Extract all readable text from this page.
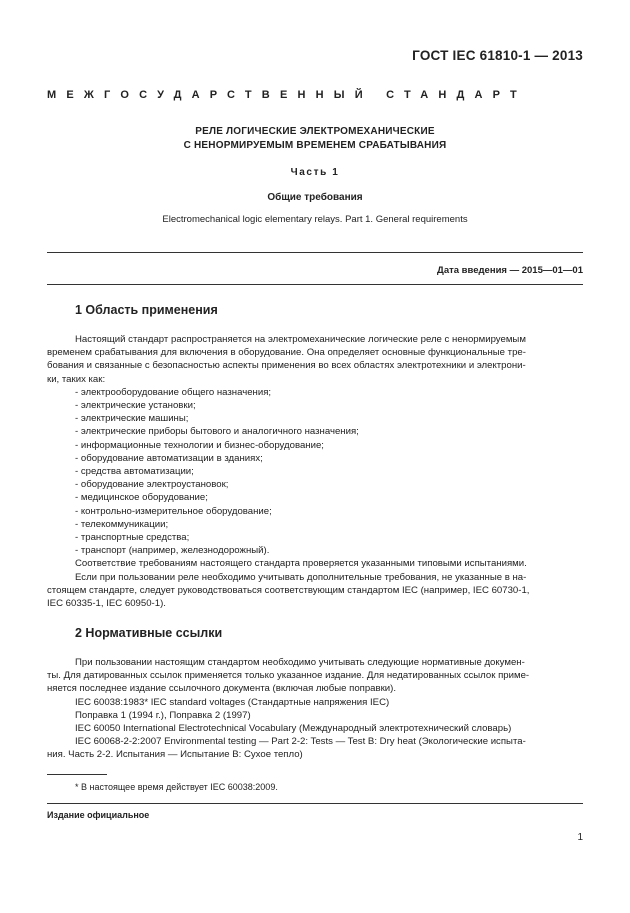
ГОСТ IEC 61810-1 — 2013
МЕЖГОСУДАРСТВЕННЫЙ СТАНДАРТ
РЕЛЕ ЛОГИЧЕСКИЕ ЭЛЕКТРОМЕХАНИЧЕСКИЕ
С НЕНОРМИРУЕМЫМ ВРЕМЕНЕМ СРАБАТЫВАНИЯ
Часть 1
Общие требования
Electromechanical logic elementary relays. Part 1. General requirements
Дата введения — 2015—01—01
1 Область применения
Настоящий стандарт распространяется на электромеханические логические реле с ненормируемым
временем срабатывания для включения в оборудование. Она определяет основные функциональные тре-
бования и связанные с безопасностью аспекты применения во всех областях электротехники и электрони-
ки, таких как:
- электрооборудование общего назначения;
- электрические установки;
- электрические машины;
- электрические приборы бытового и аналогичного назначения;
- информационные технологии и бизнес-оборудование;
- оборудование автоматизации в зданиях;
- средства автоматизации;
- оборудование электроустановок;
- медицинское оборудование;
- контрольно-измерительное оборудование;
- телекоммуникации;
- транспортные средства;
- транспорт (например, железнодорожный).
Соответствие требованиям настоящего стандарта проверяется указанными типовыми испытаниями.
Если при пользовании реле необходимо учитывать дополнительные требования, не указанные в на-
стоящем стандарте, следует руководствоваться соответствующим стандартом IEC (например, IEC 60730-1,
IEC 60335-1, IEC 60950-1).
2 Нормативные ссылки
При пользовании настоящим стандартом необходимо учитывать следующие нормативные докумен-
ты. Для датированных ссылок применяется только указанное издание. Для недатированных ссылок приме-
няется последнее издание ссылочного документа (включая любые поправки).
IEC 60038:1983* IEC standard voltages (Стандартные напряжения IEC)
Поправка 1 (1994 г.), Поправка 2 (1997)
IEC 60050 International Electrotechnical Vocabulary (Международный электротехнический словарь)
IEC 60068-2-2:2007 Environmental testing — Part 2-2: Tests — Test B: Dry heat (Экологические испыта-
ния. Часть 2-2. Испытания — Испытание B: Сухое тепло)
* В настоящее время действует IEC 60038:2009.
Издание официальное
1
